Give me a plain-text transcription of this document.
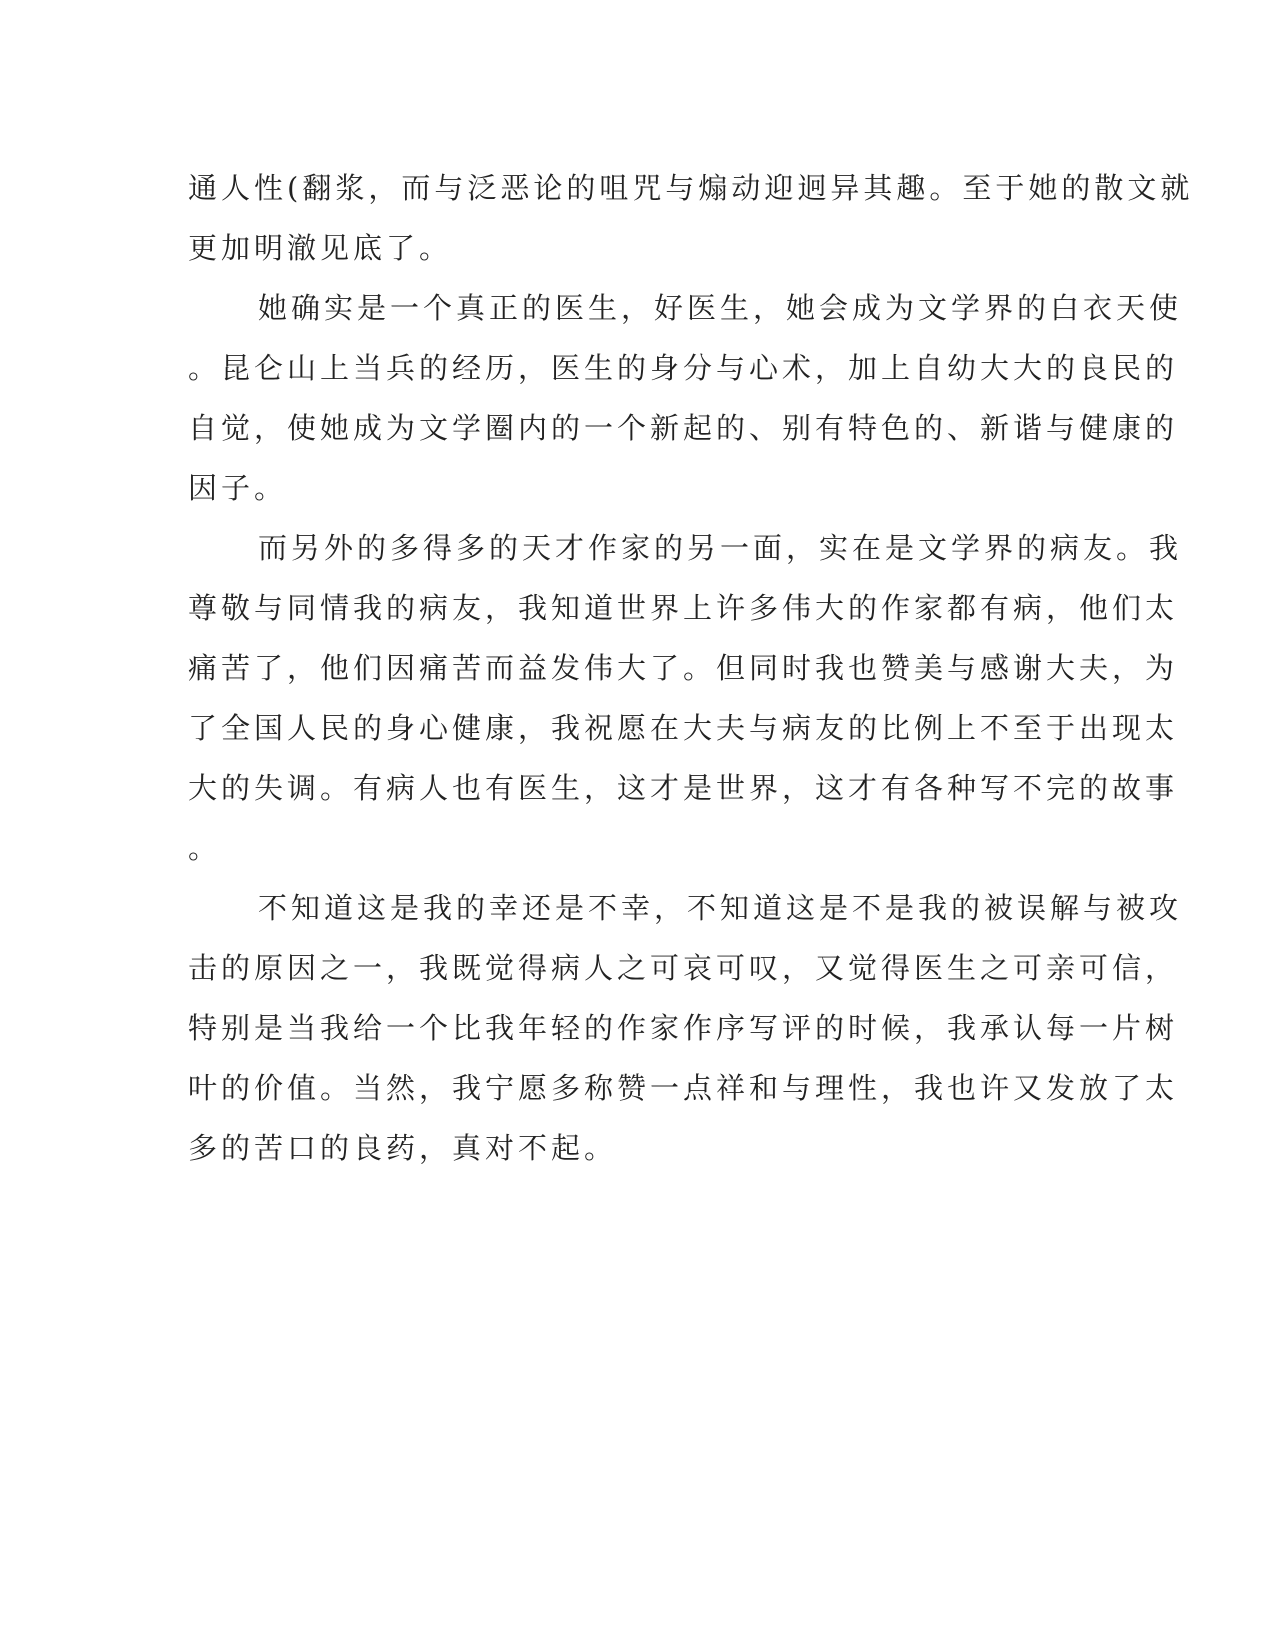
通人性(翻浆，而与泛恶论的咀咒与煽动迎迥异其趣。至于她的散文就
更加明澈见底了。
她确实是一个真正的医生，好医生，她会成为文学界的白衣天使
。昆仑山上当兵的经历，医生的身分与心术，加上自幼大大的良民的
自觉，使她成为文学圈内的一个新起的、别有特色的、新谐与健康的
因子。
而另外的多得多的天才作家的另一面，实在是文学界的病友。我
尊敬与同情我的病友，我知道世界上许多伟大的作家都有病，他们太
痛苦了，他们因痛苦而益发伟大了。但同时我也赞美与感谢大夫，为
了全国人民的身心健康，我祝愿在大夫与病友的比例上不至于出现太
大的失调。有病人也有医生，这才是世界，这才有各种写不完的故事
。
不知道这是我的幸还是不幸，不知道这是不是我的被误解与被攻
击的原因之一，我既觉得病人之可哀可叹，又觉得医生之可亲可信，
特别是当我给一个比我年轻的作家作序写评的时候，我承认每一片树
叶的价值。当然，我宁愿多称赞一点祥和与理性，我也许又发放了太
多的苦口的良药，真对不起。
